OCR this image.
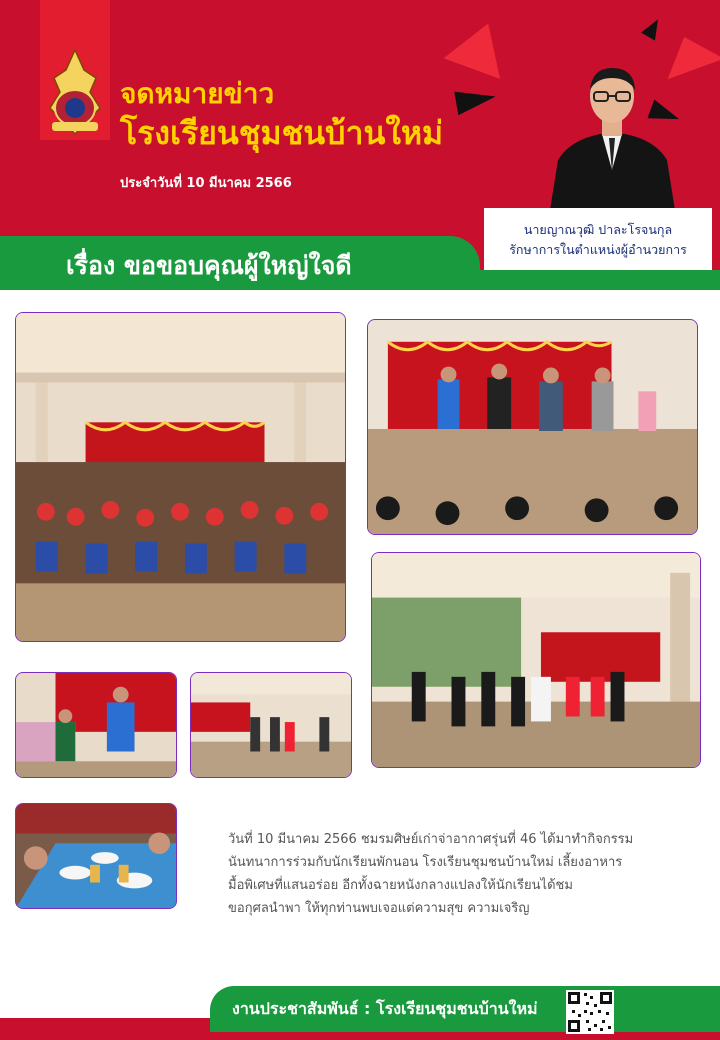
จดหมายข่าว
โรงเรียนชุมชนบ้านใหม่
ประจำวันที่ 10 มีนาคม 2566
นายญาณวุฒิ ปาละโรจนกุล
รักษาการในตำแหน่งผู้อำนวยการ
เรื่อง ขอขอบคุณผู้ใหญ่ใจดี
วันที่ 10 มีนาคม 2566 ชมรมศิษย์เก่าจ่าอากาศรุ่นที่ 46 ได้มาทำกิจกรรม
นันทนาการร่วมกับนักเรียนพักนอน โรงเรียนชุมชนบ้านใหม่ เลี้ยงอาหาร
มื้อพิเศษที่แสนอร่อย อีกทั้งฉายหนังกลางแปลงให้นักเรียนได้ชม
ขอกุศลนำพา ให้ทุกท่านพบเจอแต่ความสุข ความเจริญ
งานประชาสัมพันธ์ : โรงเรียนชุมชนบ้านใหม่
